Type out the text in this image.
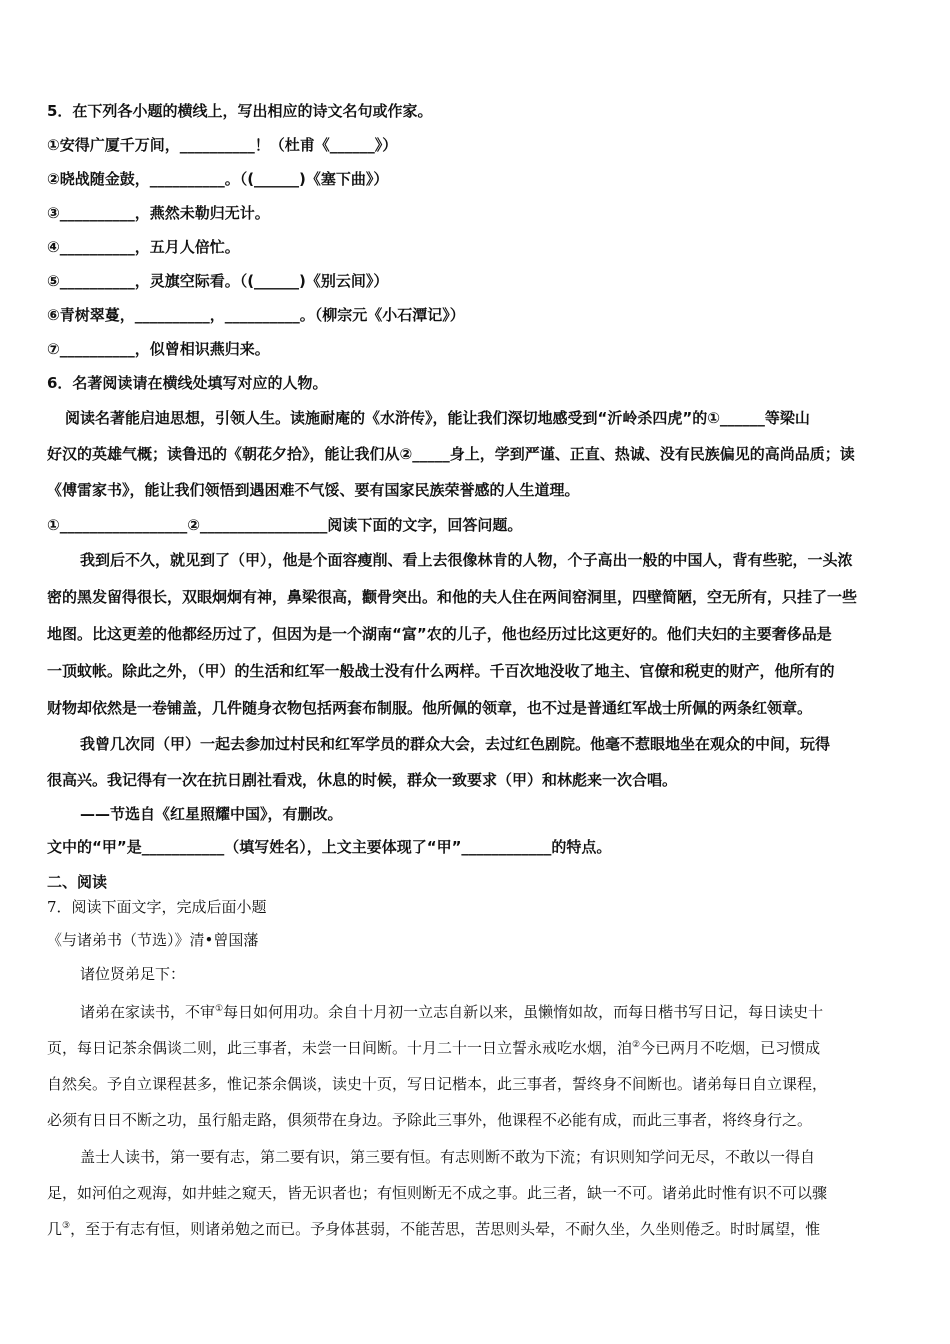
5．在下列各小题的横线上，写出相应的诗文名句或作家。
①安得广厦千万间，__________！（杜甫《______》）
②晓战随金鼓，__________。（(______)《塞下曲》）
③__________，燕然未勒归无计。
④__________，五月人倍忙。
⑤__________，灵旗空际看。（(______)《别云间》）
⑥青树翠蔓，__________，__________。（柳宗元《小石潭记》）
⑦__________，似曾相识燕归来。
6．名著阅读请在横线处填写对应的人物。
阅读名著能启迪思想，引领人生。读施耐庵的《水浒传》，能让我们深切地感受到“沂岭杀四虎”的①______等梁山
好汉的英雄气概；读鲁迅的《朝花夕拾》，能让我们从②_____身上，学到严谨、正直、热诚、没有民族偏见的高尚品质；读
《傅雷家书》，能让我们领悟到遇困难不气馁、要有国家民族荣誉感的人生道理。
①_________________②_________________阅读下面的文字，回答问题。
我到后不久，就见到了（甲），他是个面容瘦削、看上去很像林肯的人物，个子高出一般的中国人，背有些驼，一头浓
密的黑发留得很长，双眼炯炯有神，鼻梁很高，颧骨突出。和他的夫人住在两间窑洞里，四壁简陋，空无所有，只挂了一些
地图。比这更差的他都经历过了，但因为是一个湖南“富”农的儿子，他也经历过比这更好的。他们夫妇的主要奢侈品是
一顶蚊帐。除此之外，（甲）的生活和红军一般战士没有什么两样。千百次地没收了地主、官僚和税吏的财产，他所有的
财物却依然是一卷铺盖，几件随身衣物包括两套布制服。他所佩的领章，也不过是普通红军战士所佩的两条红领章。
我曾几次同（甲）一起去参加过村民和红军学员的群众大会，去过红色剧院。他毫不惹眼地坐在观众的中间，玩得
很高兴。我记得有一次在抗日剧社看戏，休息的时候，群众一致要求（甲）和林彪来一次合唱。
——节选自《红星照耀中国》，有删改。
文中的“甲”是___________（填写姓名），上文主要体现了“甲”____________的特点。
二、阅读
7．阅读下面文字，完成后面小题
《与诸弟书（节选）》清•曾国藩
诸位贤弟足下：
诸弟在家读书，不审①每日如何用功。余自十月初一立志自新以来，虽懒惰如故，而每日楷书写日记，每日读史十
页，每日记茶余偶谈二则，此三事者，未尝一日间断。十月二十一日立誓永戒吃水烟，洎②今已两月不吃烟，已习惯成
自然矣。予自立课程甚多，惟记茶余偶谈，读史十页，写日记楷本，此三事者，誓终身不间断也。诸弟每日自立课程，
必须有日日不断之功，虽行船走路，俱须带在身边。予除此三事外，他课程不必能有成，而此三事者，将终身行之。
盖士人读书，第一要有志，第二要有识，第三要有恒。有志则断不敢为下流；有识则知学问无尽，不敢以一得自
足，如河伯之观海，如井蛙之窥天，皆无识者也；有恒则断无不成之事。此三者，缺一不可。诸弟此时惟有识不可以骤
几③，至于有志有恒，则诸弟勉之而已。予身体甚弱，不能苦思，苦思则头晕，不耐久坐，久坐则倦乏。时时属望，惟
